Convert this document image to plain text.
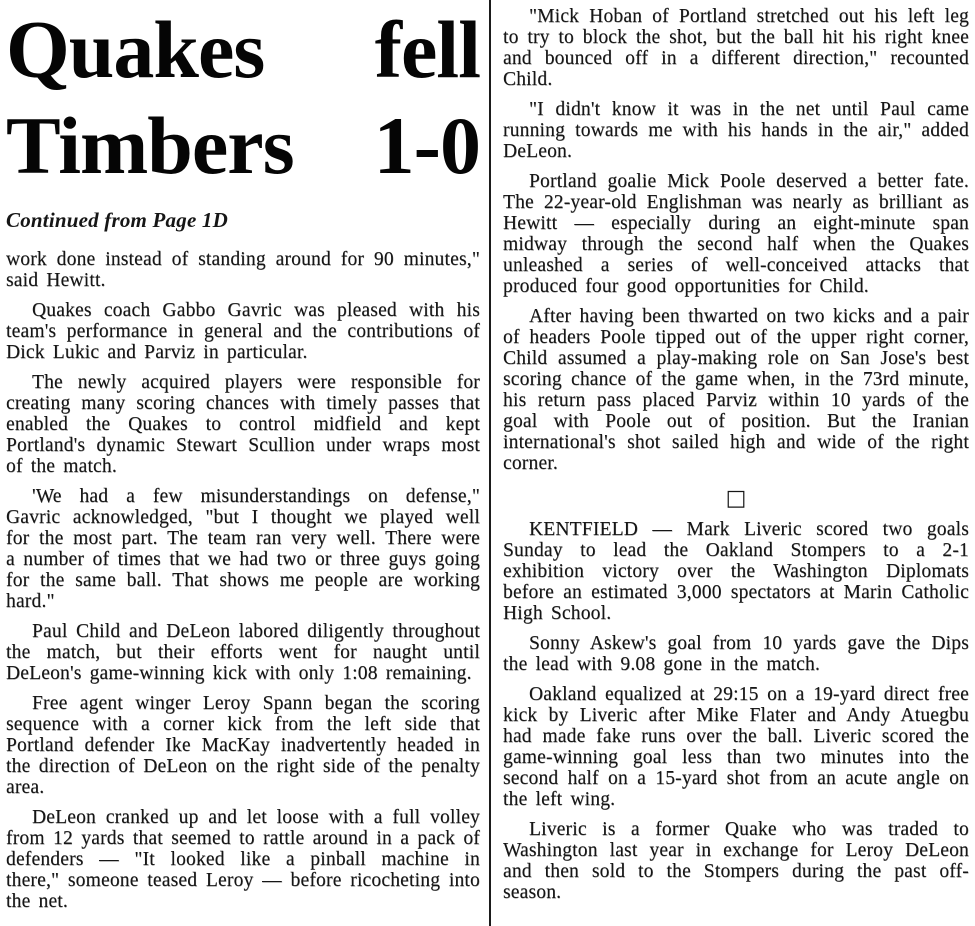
Quakes fell
Timbers 1-0
Continued from Page 1D

work done instead of standing around for 90 minutes," said Hewitt.

Quakes coach Gabbo Gavric was pleased with his team's performance in general and the contributions of Dick Lukic and Parviz in particular.

The newly acquired players were responsible for creating many scoring chances with timely passes that enabled the Quakes to control midfield and kept Portland's dynamic Stewart Scullion under wraps most of the match.

'We had a few misunderstandings on defense," Gavric acknowledged, "but I thought we played well for the most part. The team ran very well. There were a number of times that we had two or three guys going for the same ball. That shows me people are working hard."

Paul Child and DeLeon labored diligently throughout the match, but their efforts went for naught until DeLeon's game-winning kick with only 1:08 remaining.

Free agent winger Leroy Spann began the scoring sequence with a corner kick from the left side that Portland defender Ike MacKay inadvertently headed in the direction of DeLeon on the right side of the penalty area.

DeLeon cranked up and let loose with a full volley from 12 yards that seemed to rattle around in a pack of defenders — "It looked like a pinball machine in there," someone teased Leroy — before ricocheting into the net.

"Mick Hoban of Portland stretched out his left leg to try to block the shot, but the ball hit his right knee and bounced off in a different direction," recounted Child.

"I didn't know it was in the net until Paul came running towards me with his hands in the air," added DeLeon.

Portland goalie Mick Poole deserved a better fate. The 22-year-old Englishman was nearly as brilliant as Hewitt — especially during an eight-minute span midway through the second half when the Quakes unleashed a series of well-conceived attacks that produced four good opportunities for Child.

After having been thwarted on two kicks and a pair of headers Poole tipped out of the upper right corner, Child assumed a play-making role on San Jose's best scoring chance of the game when, in the 73rd minute, his return pass placed Parviz within 10 yards of the goal with Poole out of position. But the Iranian international's shot sailed high and wide of the right corner.

□

KENTFIELD — Mark Liveric scored two goals Sunday to lead the Oakland Stompers to a 2-1 exhibition victory over the Washington Diplomats before an estimated 3,000 spectators at Marin Catholic High School.

Sonny Askew's goal from 10 yards gave the Dips the lead with 9.08 gone in the match.

Oakland equalized at 29:15 on a 19-yard direct free kick by Liveric after Mike Flater and Andy Atuegbu had made fake runs over the ball. Liveric scored the game-winning goal less than two minutes into the second half on a 15-yard shot from an acute angle on the left wing.

Liveric is a former Quake who was traded to Washington last year in exchange for Leroy DeLeon and then sold to the Stompers during the past off-season.
